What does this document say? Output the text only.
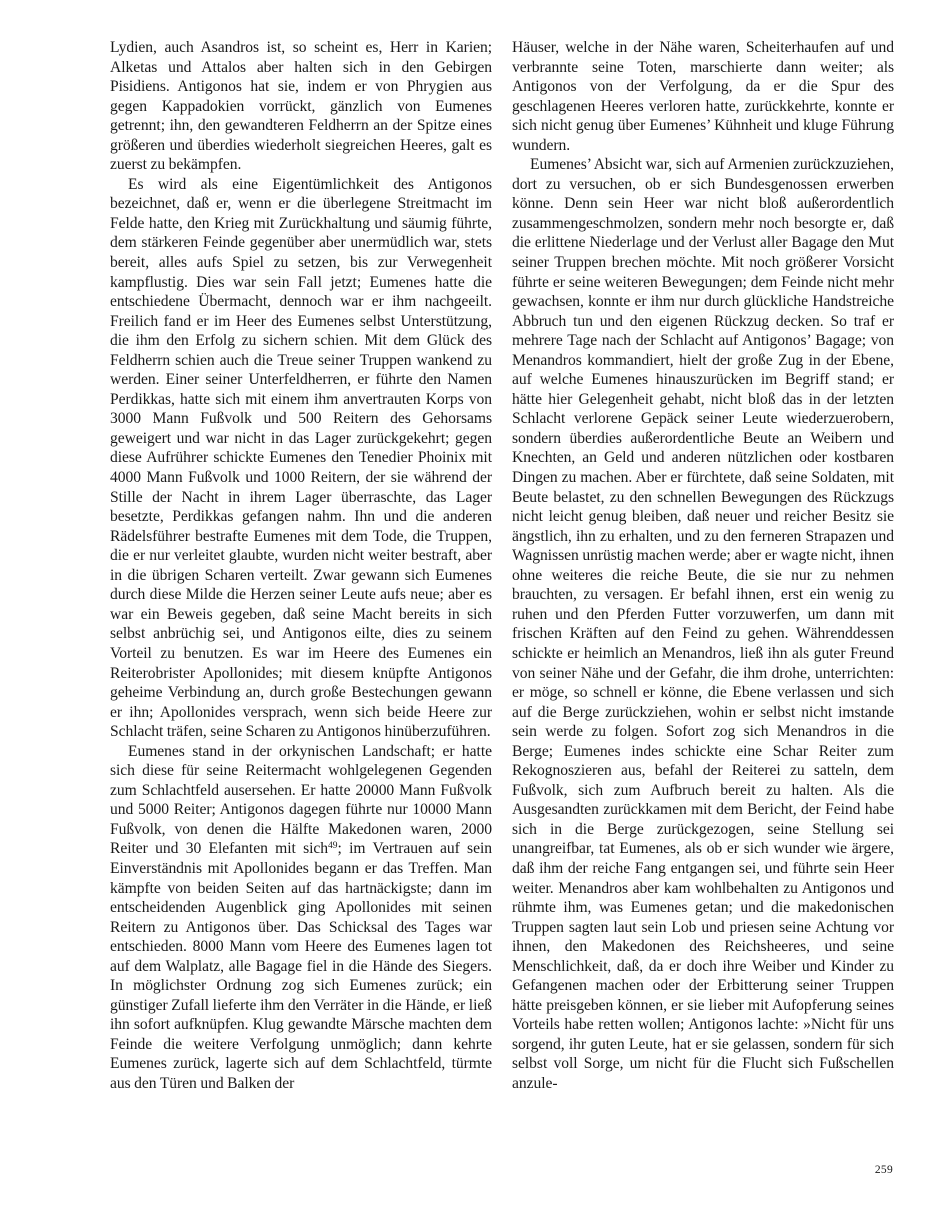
Lydien, auch Asandros ist, so scheint es, Herr in Karien; Alketas und Attalos aber halten sich in den Gebirgen Pisidiens. Antigonos hat sie, indem er von Phrygien aus gegen Kappadokien vorrückt, gänzlich von Eumenes getrennt; ihn, den gewandteren Feldherrn an der Spitze eines größeren und überdies wiederholt siegreichen Heeres, galt es zuerst zu bekämpfen.

Es wird als eine Eigentümlichkeit des Antigonos bezeichnet, daß er, wenn er die überlegene Streitmacht im Felde hatte, den Krieg mit Zurückhaltung und säumig führte, dem stärkeren Feinde gegenüber aber unermüdlich war, stets bereit, alles aufs Spiel zu setzen, bis zur Verwegenheit kampflustig. Dies war sein Fall jetzt; Eumenes hatte die entschiedene Übermacht, dennoch war er ihm nachgeeilt. Freilich fand er im Heer des Eumenes selbst Unterstützung, die ihm den Erfolg zu sichern schien. Mit dem Glück des Feldherrn schien auch die Treue seiner Truppen wankend zu werden. Einer seiner Unterfeldherren, er führte den Namen Perdikkas, hatte sich mit einem ihm anvertrauten Korps von 3000 Mann Fußvolk und 500 Reitern des Gehorsams geweigert und war nicht in das Lager zurückgekehrt; gegen diese Aufrührer schickte Eumenes den Tenedier Phoinix mit 4000 Mann Fußvolk und 1000 Reitern, der sie während der Stille der Nacht in ihrem Lager überraschte, das Lager besetzte, Perdikkas gefangen nahm. Ihn und die anderen Rädelsführer bestrafte Eumenes mit dem Tode, die Truppen, die er nur verleitet glaubte, wurden nicht weiter bestraft, aber in die übrigen Scharen verteilt. Zwar gewann sich Eumenes durch diese Milde die Herzen seiner Leute aufs neue; aber es war ein Beweis gegeben, daß seine Macht bereits in sich selbst anbrüchig sei, und Antigonos eilte, dies zu seinem Vorteil zu benutzen. Es war im Heere des Eumenes ein Reiterobrister Apollonides; mit diesem knüpfte Antigonos geheime Verbindung an, durch große Bestechungen gewann er ihn; Apollonides versprach, wenn sich beide Heere zur Schlacht träfen, seine Scharen zu Antigonos hinüberzuführen.

Eumenes stand in der orkynischen Landschaft; er hatte sich diese für seine Reitermacht wohlgelegenen Gegenden zum Schlachtfeld ausersehen. Er hatte 20000 Mann Fußvolk und 5000 Reiter; Antigonos dagegen führte nur 10000 Mann Fußvolk, von denen die Hälfte Makedonen waren, 2000 Reiter und 30 Elefanten mit sich$^{49}$; im Vertrauen auf sein Einverständnis mit Apollonides begann er das Treffen. Man kämpfte von beiden Seiten auf das hartnäckigste; dann im entscheidenden Augenblick ging Apollonides mit seinen Reitern zu Antigonos über. Das Schicksal des Tages war entschieden. 8000 Mann vom Heere des Eumenes lagen tot auf dem Walplatz, alle Bagage fiel in die Hände des Siegers. In möglichster Ordnung zog sich Eumenes zurück; ein günstiger Zufall lieferte ihm den Verräter in die Hände, er ließ ihn sofort aufknüpfen. Klug gewandte Märsche machten dem Feinde die weitere Verfolgung unmöglich; dann kehrte Eumenes zurück, lagerte sich auf dem Schlachtfeld, türmte aus den Türen und Balken der

Häuser, welche in der Nähe waren, Scheiterhaufen auf und verbrannte seine Toten, marschierte dann weiter; als Antigonos von der Verfolgung, da er die Spur des geschlagenen Heeres verloren hatte, zurückkehrte, konnte er sich nicht genug über Eumenes’ Kühnheit und kluge Führung wundern.

Eumenes’ Absicht war, sich auf Armenien zurückzuziehen, dort zu versuchen, ob er sich Bundesgenossen erwerben könne. Denn sein Heer war nicht bloß außerordentlich zusammengeschmolzen, sondern mehr noch besorgte er, daß die erlittene Niederlage und der Verlust aller Bagage den Mut seiner Truppen brechen möchte. Mit noch größerer Vorsicht führte er seine weiteren Bewegungen; dem Feinde nicht mehr gewachsen, konnte er ihm nur durch glückliche Handstreiche Abbruch tun und den eigenen Rückzug decken. So traf er mehrere Tage nach der Schlacht auf Antigonos’ Bagage; von Menandros kommandiert, hielt der große Zug in der Ebene, auf welche Eumenes hinauszurücken im Begriff stand; er hätte hier Gelegenheit gehabt, nicht bloß das in der letzten Schlacht verlorene Gepäck seiner Leute wiederzuerobern, sondern überdies außerordentliche Beute an Weibern und Knechten, an Geld und anderen nützlichen oder kostbaren Dingen zu machen. Aber er fürchtete, daß seine Soldaten, mit Beute belastet, zu den schnellen Bewegungen des Rückzugs nicht leicht genug bleiben, daß neuer und reicher Besitz sie ängstlich, ihn zu erhalten, und zu den ferneren Strapazen und Wagnissen unrüstig machen werde; aber er wagte nicht, ihnen ohne weiteres die reiche Beute, die sie nur zu nehmen brauchten, zu versagen. Er befahl ihnen, erst ein wenig zu ruhen und den Pferden Futter vorzuwerfen, um dann mit frischen Kräften auf den Feind zu gehen. Währenddessen schickte er heimlich an Menandros, ließ ihn als guter Freund von seiner Nähe und der Gefahr, die ihm drohe, unterrichten: er möge, so schnell er könne, die Ebene verlassen und sich auf die Berge zurückziehen, wohin er selbst nicht imstande sein werde zu folgen. Sofort zog sich Menandros in die Berge; Eumenes indes schickte eine Schar Reiter zum Rekognoszieren aus, befahl der Reiterei zu satteln, dem Fußvolk, sich zum Aufbruch bereit zu halten. Als die Ausgesandten zurückkamen mit dem Bericht, der Feind habe sich in die Berge zurückgezogen, seine Stellung sei unangreifbar, tat Eumenes, als ob er sich wunder wie ärgere, daß ihm der reiche Fang entgangen sei, und führte sein Heer weiter. Menandros aber kam wohlbehalten zu Antigonos und rühmte ihm, was Eumenes getan; und die makedonischen Truppen sagten laut sein Lob und priesen seine Achtung vor ihnen, den Makedonen des Reichsheeres, und seine Menschlichkeit, daß, da er doch ihre Weiber und Kinder zu Gefangenen machen oder der Erbitterung seiner Truppen hätte preisgeben können, er sie lieber mit Aufopferung seines Vorteils habe retten wollen; Antigonos lachte: »Nicht für uns sorgend, ihr guten Leute, hat er sie gelassen, sondern für sich selbst voll Sorge, um nicht für die Flucht sich Fußschellen anzule-

259
